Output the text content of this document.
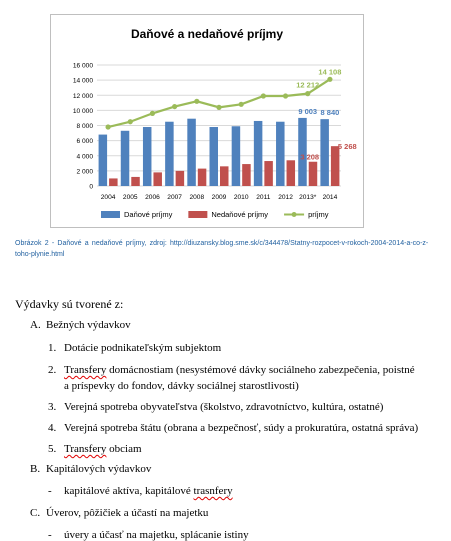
Daňové a nedaňové príjmy
0
2 000
4 000
6 000
8 000
10 000
12 000
14 000
16 000
2004 2005 2006 2007 2008 2009 2010 2011 2012 2013* 2014
9 003 8 840
3 208
5 268
12 212
14 108
Daňové príjmy	Nedaňové príjmy	príjmy
Obrázok 2 - Daňové a nedaňové príjmy, zdroj: http://diuzansky.blog.sme.sk/c/344478/Statny-rozpocet-v-rokoch-2004-2014-a-co-z-toho-plynie.html
Výdavky sú tvorené z:
A. Bežných výdavkov
1. Dotácie podnikateľským subjektom
2. Transfery domácnostiam (nesystémové dávky sociálneho zabezpečenia, poistné
a príspevky do fondov, dávky sociálnej starostlivosti)
3. Verejná spotreba obyvateľstva (školstvo, zdravotníctvo, kultúra, ostatné)
4. Verejná spotreba štátu (obrana a bezpečnosť, súdy a prokuratúra, ostatná správa)
5. Transfery obciam
B. Kapitálových výdavkov
- kapitálové aktíva, kapitálové trasnfery
C. Úverov, pôžičiek a účastí na majetku
- úvery a účasť na majetku, splácanie istiny
